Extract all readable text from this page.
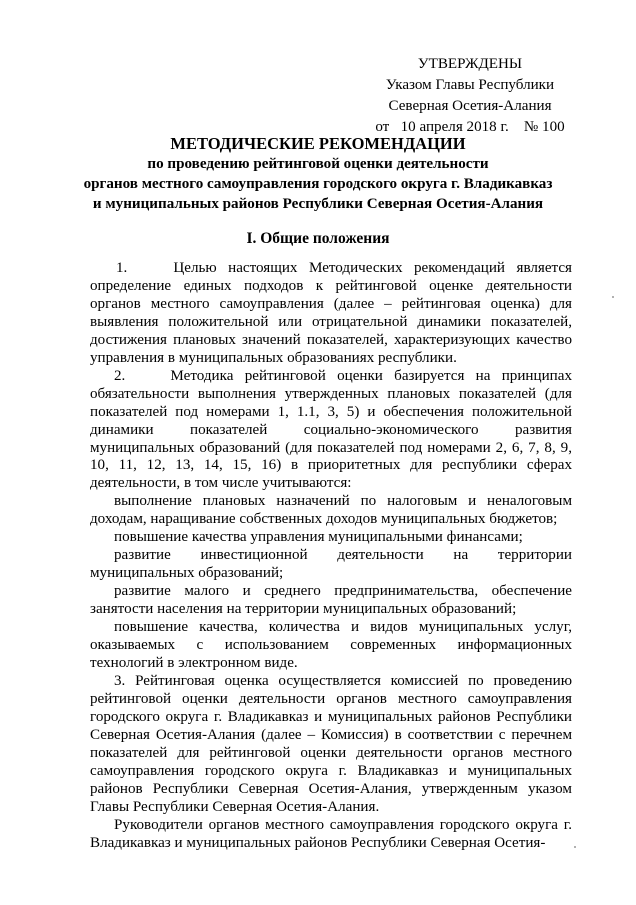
УТВЕРЖДЕНЫ
Указом Главы Республики
Северная Осетия-Алания
от   10 апреля 2018 г.    № 100
МЕТОДИЧЕСКИЕ РЕКОМЕНДАЦИИ
по проведению рейтинговой оценки деятельности
органов местного самоуправления городского округа г. Владикавказ
и муниципальных районов Республики Северная Осетия-Алания
I. Общие положения

1.    Целью настоящих Методических рекомендаций является определение единых подходов к рейтинговой оценке деятельности органов местного самоуправления (далее – рейтинговая оценка) для выявления положительной или отрицательной динамики показателей, достижения плановых значений показателей, характеризующих качество управления в муниципальных образованиях республики.

2.    Методика рейтинговой оценки базируется на принципах обязательности выполнения утвержденных плановых показателей (для показателей под номерами 1, 1.1, 3, 5) и обеспечения положительной динамики показателей социально-экономического развития муниципальных образований (для показателей под номерами 2, 6, 7, 8, 9, 10, 11, 12, 13, 14, 15, 16) в приоритетных для республики сферах деятельности, в том числе учитываются:

выполнение плановых назначений по налоговым и неналоговым доходам, наращивание собственных доходов муниципальных бюджетов;

повышение качества управления муниципальными финансами;

развитие инвестиционной деятельности на территории муниципальных образований;

развитие малого и среднего предпринимательства, обеспечение занятости населения на территории муниципальных образований;

повышение качества, количества и видов муниципальных услуг, оказываемых с использованием современных информационных технологий в электронном виде.

3. Рейтинговая оценка осуществляется комиссией по проведению рейтинговой оценки деятельности органов местного самоуправления городского округа г. Владикавказ и муниципальных районов Республики Северная Осетия-Алания (далее – Комиссия) в соответствии с перечнем показателей для рейтинговой оценки деятельности органов местного самоуправления городского округа г. Владикавказ и муниципальных районов Республики Северная Осетия-Алания, утвержденным указом Главы Республики Северная Осетия-Алания.

Руководители органов местного самоуправления городского округа г. Владикавказ и муниципальных районов Республики Северная Осетия-
